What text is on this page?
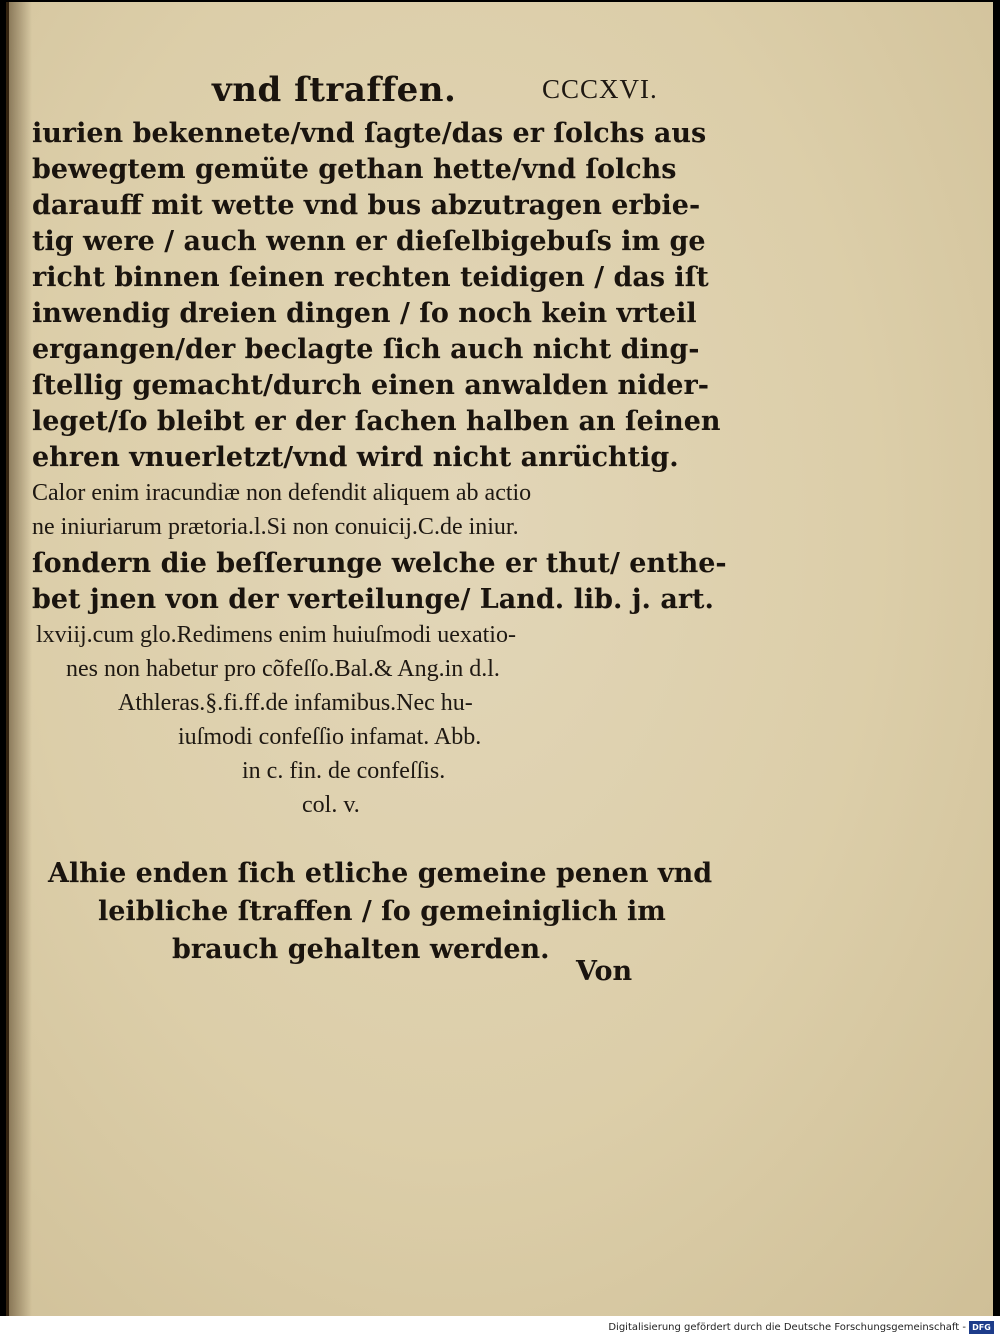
vnd ſtraffen.	CCCXVI.
iurien bekennete/vnd ſagte/das er ſolchs aus
bewegtem gemüte gethan hette/vnd ſolchs
darauff mit wette vnd bus abzutragen erbie-
tig were / auch wenn er dieſelbigebuſs im ge
richt binnen ſeinen rechten teidigen / das iſt
inwendig dreien dingen / ſo noch kein vrteil
ergangen/der beclagte ſich auch nicht ding-
ſtellig gemacht/durch einen anwalden nider-
leget/ſo bleibt er der ſachen halben an ſeinen
ehren vnuerletzt/vnd wird nicht anrüchtig.
Calor enim iracundiæ non defendit aliquem ab actio
ne iniuriarum prætoria.l.Si non conuicij.C.de iniur.
ſondern die beſſerunge welche er thut/ enthe-
bet jnen von der verteilunge/ Land. lib. j. art.
lxviij.cum glo.Redimens enim huiuſmodi uexatio-
nes non habetur pro cõfeſſo.Bal.& Ang.in d.l.
Athleras.§.fi.ff.de infamibus.Nec hu-
iuſmodi confeſſio infamat. Abb.
in c. fin. de confeſſis.
col. v.
Alhie enden ſich etliche gemeine penen vnd
leibliche ſtraffen / ſo gemeiniglich im
brauch gehalten werden.
Von
Digitalisierung gefördert durch die Deutsche Forschungsgemeinschaft - DFG
